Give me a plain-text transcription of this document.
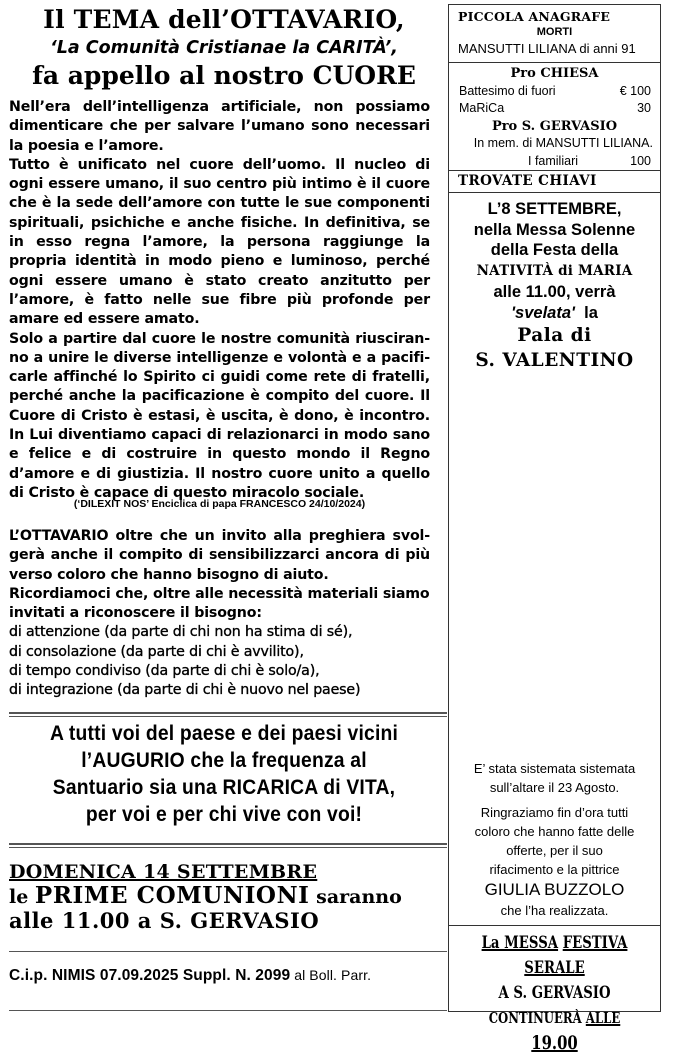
Il TEMA dell’OTTAVARIO,
‘La Comunità Cristianae la CARITÀ’,
fa appello al nostro CUORE

Nell’era dell’intelligenza artificiale, non possiamo dimenticare che per salvare l’umano sono necessari la poesia e l’amore.

Tutto è unificato nel cuore dell’uomo. Il nucleo di ogni essere umano, il suo centro più intimo è il cuore che è la sede dell’amore con tutte le sue componenti spirituali, psichiche e anche fisiche. In definitiva, se in esso regna l’amore, la persona raggiunge la propria identità in modo pieno e luminoso, perché ogni essere umano è stato creato anzitutto per l’amore, è fatto nelle sue fibre più profonde per amare ed essere amato.

Solo a partire dal cuore le nostre comunità riusciran-no a unire le diverse intelligenze e volontà e a pacifi-carle affinché lo Spirito ci guidi come rete di fratelli, perché anche la pacificazione è compito del cuore. Il Cuore di Cristo è estasi, è uscita, è dono, è incontro. In Lui diventiamo capaci di relazionarci in modo sano e felice e di costruire in questo mondo il Regno d’amore e di giustizia. Il nostro cuore unito a quello di Cristo è capace di questo miracolo sociale.

(‘DILEXIT NOS’ Enciclica di papa FRANCESCO 24/10/2024)

L’OTTAVARIO oltre che un invito alla preghiera svol-gerà anche il compito di sensibilizzarci ancora di più verso coloro che hanno bisogno di aiuto.

Ricordiamoci che, oltre alle necessità materiali siamo invitati a riconoscere il bisogno:

di attenzione (da parte di chi non ha stima di sé),

di consolazione (da parte di chi è avvilito),

di tempo condiviso (da parte di chi è solo/a),

di integrazione (da parte di chi è nuovo nel paese)

A tutti voi del paese e dei paesi vicini
l’AUGURIO che la frequenza al
Santuario sia una RICARICA di VITA,
per voi e per chi vive con voi!
DOMENICA 14 SETTEMBRE
le PRIME COMUNIONI saranno
alle 11.00 a S. GERVASIO
C.i.p. NIMIS 07.09.2025 Suppl. N. 2099 al Boll. Parr.
PICCOLA ANAGRAFE
MORTI
MANSUTTI LILIANA di anni 91
Pro CHIESA
Battesimo di fuori	€ 100
MaRiCa	30
Pro S. GERVASIO
In mem. di MANSUTTI LILIANA.
I familiari	100
TROVATE CHIAVI
L’8 SETTEMBRE,
nella Messa Solenne
della Festa della
NATIVITÀ di MARIA
alle 11.00, verrà
'svelata'  la
Pala di
S. VALENTINO

E’ stata sistemata sistemata

sull’altare il 23 Agosto.

Ringraziamo fin d’ora tutti

coloro che hanno fatte delle

offerte, per il suo

rifacimento e la pittrice

GIULIA BUZZOLO

che l’ha realizzata.

La MESSA FESTIVA SERALE
A S. GERVASIO
CONTINUERÀ ALLE 19.00
